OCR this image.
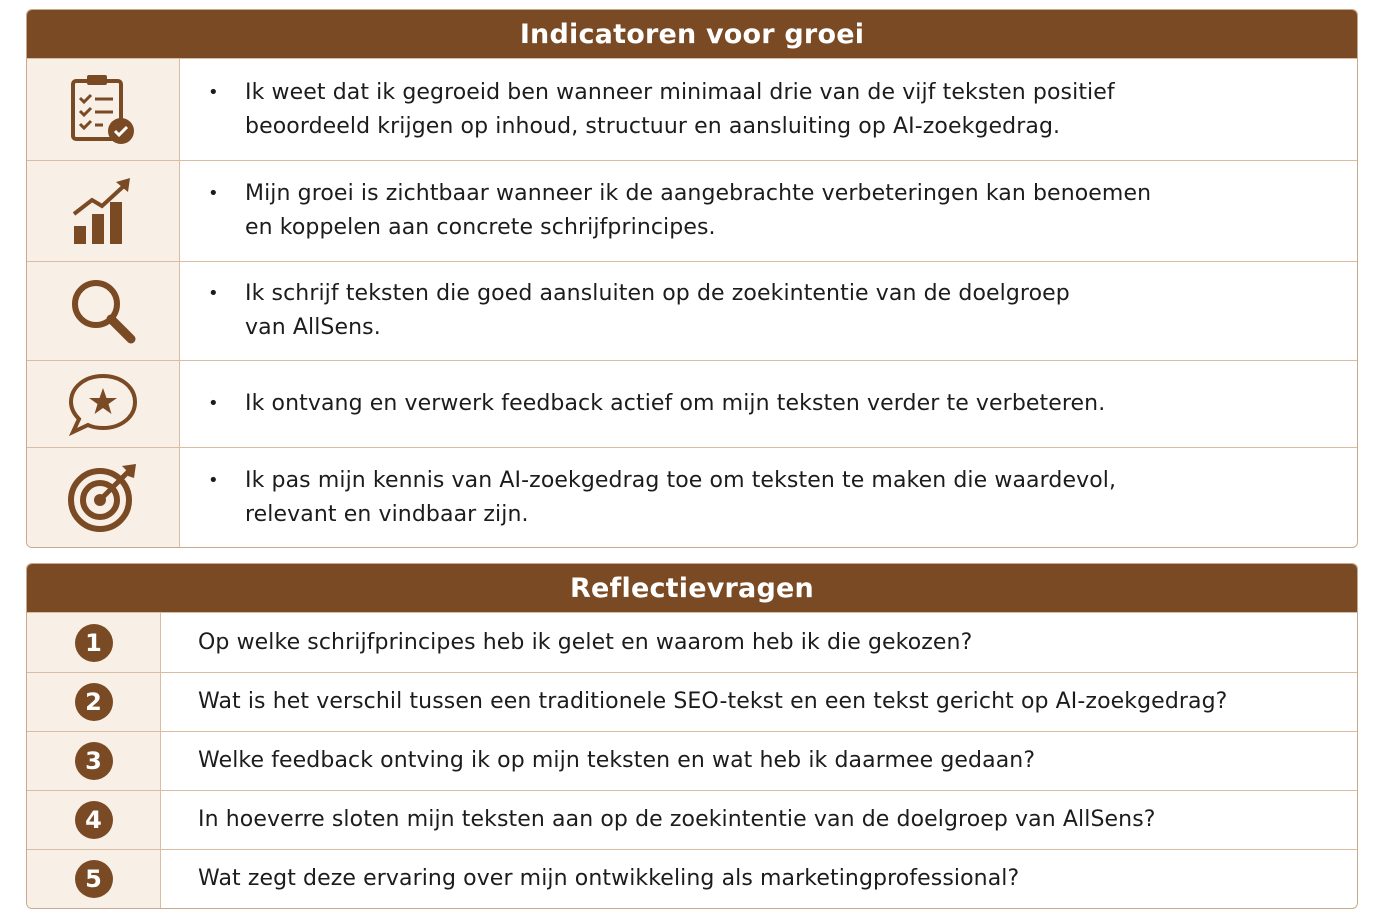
Indicatoren voor groei
•	Ik weet dat ik gegroeid ben wanneer minimaal drie van de vijf teksten positief
beoordeeld krijgen op inhoud, structuur en aansluiting op AI-zoekgedrag.
•	Mijn groei is zichtbaar wanneer ik de aangebrachte verbeteringen kan benoemen
en koppelen aan concrete schrijfprincipes.
•	Ik schrijf teksten die goed aansluiten op de zoekintentie van de doelgroep
van AllSens.
•	Ik ontvang en verwerk feedback actief om mijn teksten verder te verbeteren.
•	Ik pas mijn kennis van AI-zoekgedrag toe om teksten te maken die waardevol,
relevant en vindbaar zijn.
Reflectievragen
1	Op welke schrijfprincipes heb ik gelet en waarom heb ik die gekozen?
2	Wat is het verschil tussen een traditionele SEO-tekst en een tekst gericht op AI-zoekgedrag?
3	Welke feedback ontving ik op mijn teksten en wat heb ik daarmee gedaan?
4	In hoeverre sloten mijn teksten aan op de zoekintentie van de doelgroep van AllSens?
5	Wat zegt deze ervaring over mijn ontwikkeling als marketingprofessional?
